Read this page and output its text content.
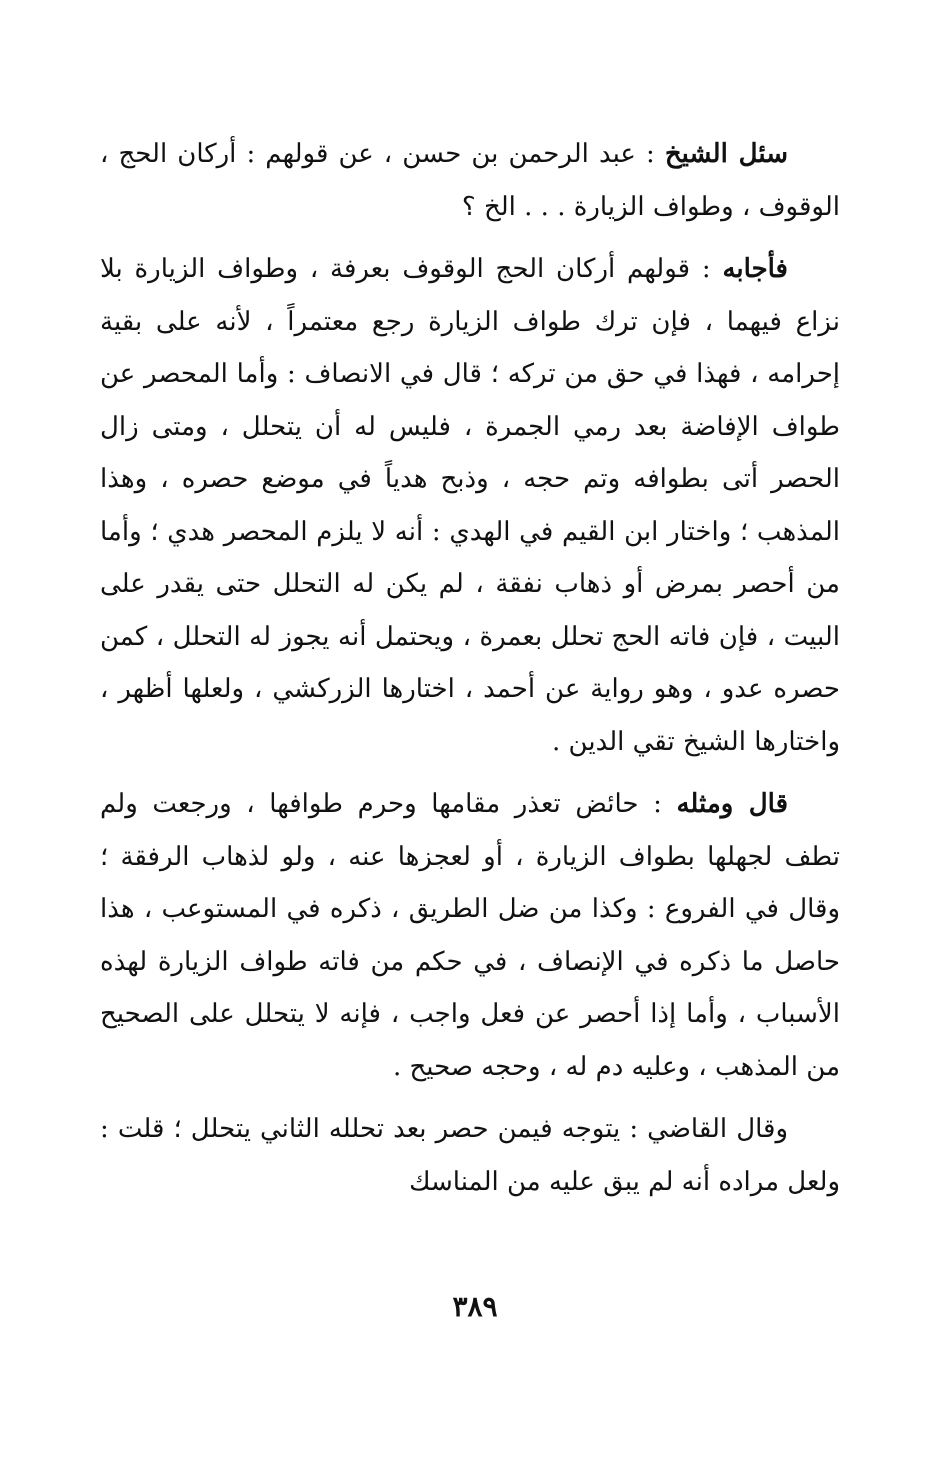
سئل الشيخ : عبد الرحمن بن حسن ، عن قولهم : أركان الحج ، الوقوف ، وطواف الزيارة . . . الخ ؟

فأجابه : قولهم أركان الحج الوقوف بعرفة ، وطواف الزيارة بلا نزاع فيهما ، فإن ترك طواف الزيارة رجع معتمراً ، لأنه على بقية إحرامه ، فهذا في حق من تركه ؛ قال في الانصاف : وأما المحصر عن طواف الإفاضة بعد رمي الجمرة ، فليس له أن يتحلل ، ومتى زال الحصر أتى بطوافه وتم حجه ، وذبح هدياً في موضع حصره ، وهذا المذهب ؛ واختار ابن القيم في الهدي : أنه لا يلزم المحصر هدي ؛ وأما من أحصر بمرض أو ذهاب نفقة ، لم يكن له التحلل حتى يقدر على البيت ، فإن فاته الحج تحلل بعمرة ، ويحتمل أنه يجوز له التحلل ، كمن حصره عدو ، وهو رواية عن أحمد ، اختارها الزركشي ، ولعلها أظهر ، واختارها الشيخ تقي الدين .

قال ومثله : حائض تعذر مقامها وحرم طوافها ، ورجعت ولم تطف لجهلها بطواف الزيارة ، أو لعجزها عنه ، ولو لذهاب الرفقة ؛ وقال في الفروع : وكذا من ضل الطريق ، ذكره في المستوعب ، هذا حاصل ما ذكره في الإنصاف ، في حكم من فاته طواف الزيارة لهذه الأسباب ، وأما إذا أحصر عن فعل واجب ، فإنه لا يتحلل على الصحيح من المذهب ، وعليه دم له ، وحجه صحيح .

وقال القاضي : يتوجه فيمن حصر بعد تحلله الثاني يتحلل ؛ قلت : ولعل مراده أنه لم يبق عليه من المناسك

٣٨٩
